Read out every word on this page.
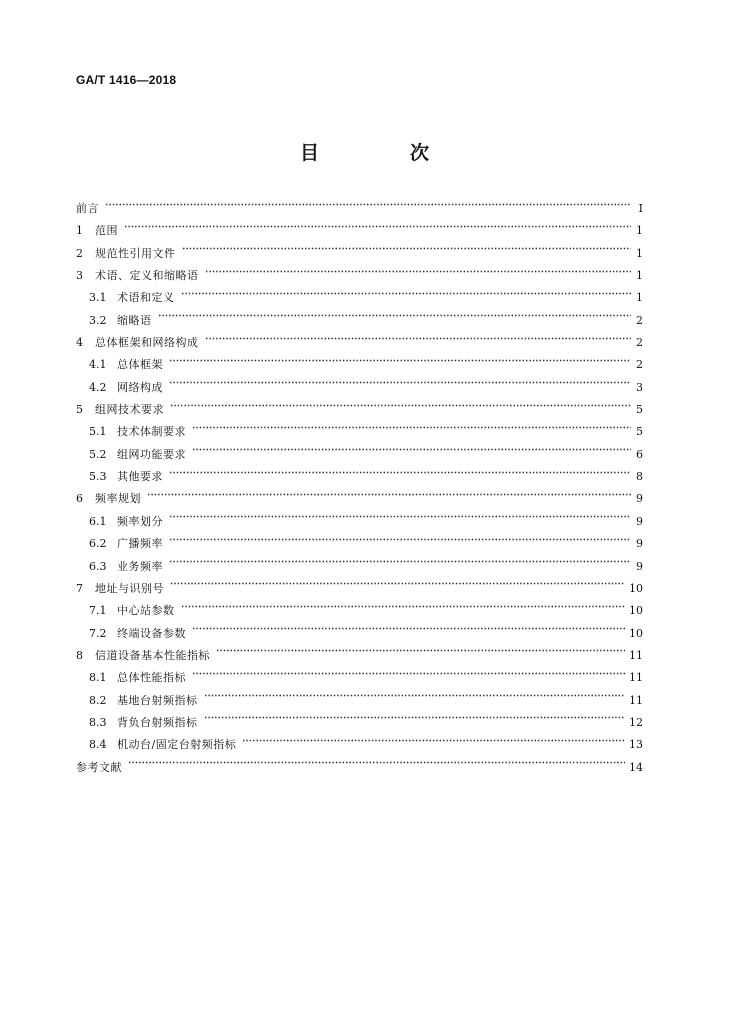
GA/T 1416—2018
目　次
前言	Ⅰ
1	范围	1
2	规范性引用文件	1
3	术语、定义和缩略语	1
3.1 术语和定义	1
3.2 缩略语	2
4	总体框架和网络构成	2
4.1 总体框架	2
4.2 网络构成	3
5	组网技术要求	5
5.1 技术体制要求	5
5.2 组网功能要求	6
5.3 其他要求	8
6	频率规划	9
6.1 频率划分	9
6.2 广播频率	9
6.3 业务频率	9
7	地址与识别号	10
7.1 中心站参数	10
7.2 终端设备参数	10
8	信道设备基本性能指标	11
8.1 总体性能指标	11
8.2 基地台射频指标	11
8.3 背负台射频指标	12
8.4 机动台/固定台射频指标	13
参考文献	14
